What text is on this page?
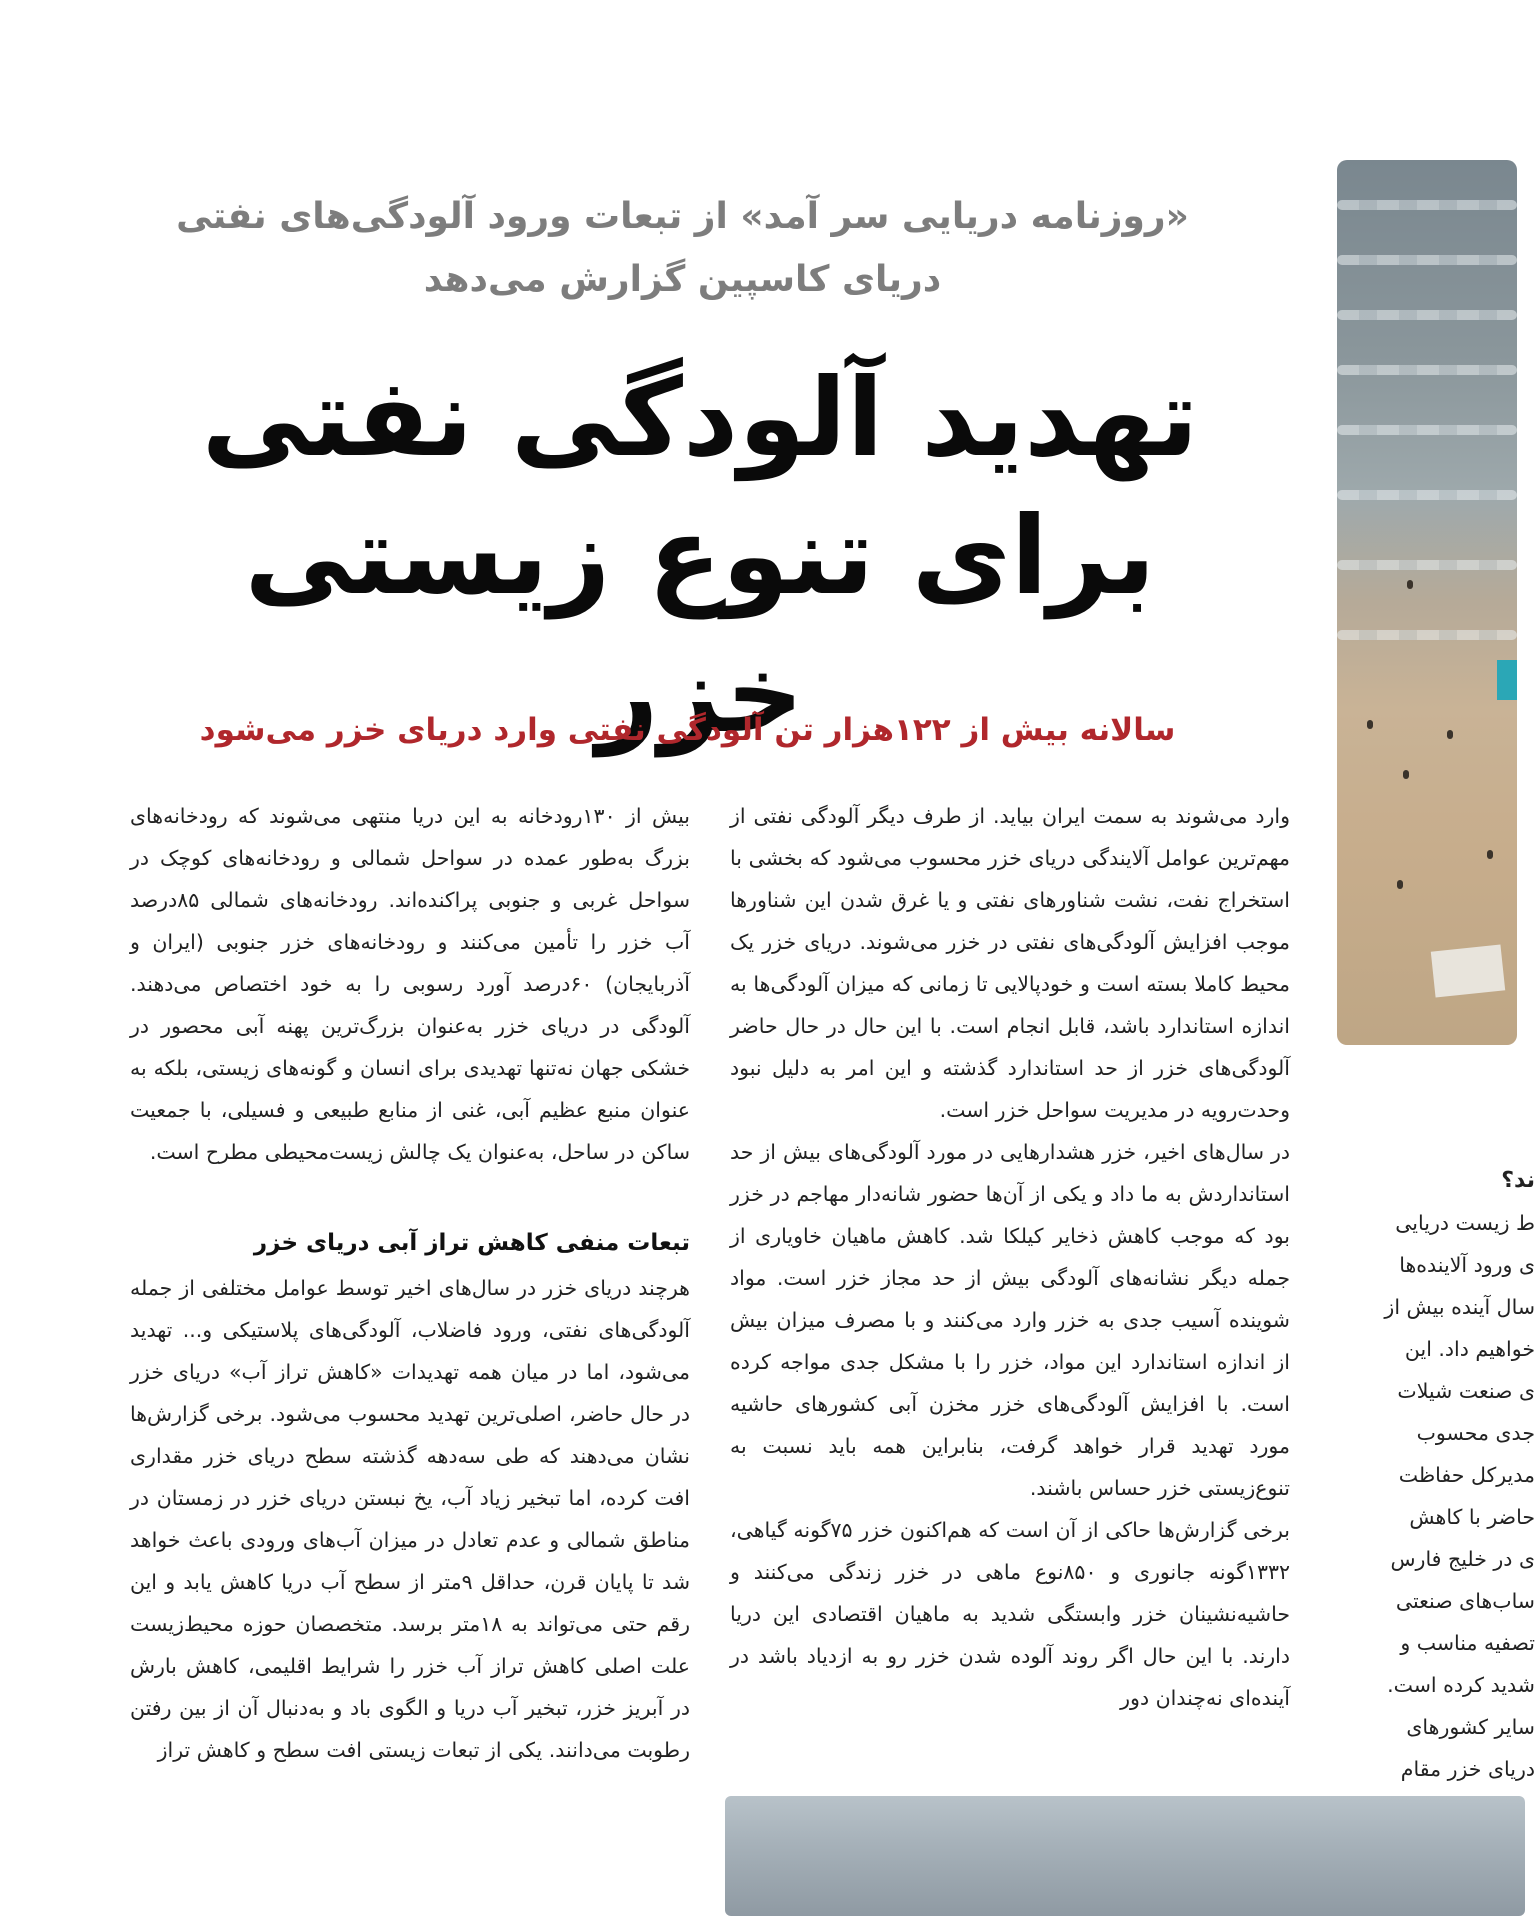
«روزنامه دریایی سر آمد» از تبعات ورود آلودگی‌های نفتی
دریای کاسپین گزارش می‌دهد
تهدید آلودگی نفتی
برای تنوع زیستی خزر
سالانه بیش از ۱۲۲هزار تن آلودگی نفتی وارد دریای خزر می‌شود

وارد می‌شوند به سمت ایران بیاید. از طرف دیگر آلودگی نفتی از مهم‌ترین عوامل آلایندگی دریای خزر محسوب می‌شود که بخشی با استخراج نفت، نشت شناورهای نفتی و یا غرق شدن این شناورها موجب افزایش آلودگی‌های نفتی در خزر می‌شوند. دریای خزر یک محیط کاملا بسته است و خودپالایی تا زمانی که میزان آلودگی‌ها به اندازه استاندارد باشد، قابل انجام است. با این حال در حال حاضر آلودگی‌های خزر از حد استاندارد گذشته و این امر به دلیل نبود وحدت‌رویه در مدیریت سواحل خزر است.

در سال‌های اخیر، خزر هشدارهایی در مورد آلودگی‌های بیش از حد استانداردش به ما داد و یکی از آن‌ها حضور شانه‌دار مهاجم در خزر بود که موجب کاهش ذخایر کیلکا شد. کاهش ماهیان خاویاری از جمله دیگر نشانه‌های آلودگی بیش از حد مجاز خزر است. مواد شوینده آسیب جدی به خزر وارد می‌کنند و با مصرف میزان بیش از اندازه استاندارد این مواد، خزر را با مشکل جدی مواجه کرده است. با افزایش آلودگی‌های خزر مخزن آبی کشورهای حاشیه مورد تهدید قرار خواهد گرفت، بنابراین همه باید نسبت به تنوع‌زیستی خزر حساس باشند.

برخی گزارش‌ها حاکی از آن است که هم‌اکنون خزر ۷۵گونه گیاهی، ۱۳۳۲گونه جانوری و ۸۵۰نوع ماهی در خزر زندگی می‌کنند و حاشیه‌نشینان خزر وابستگی شدید به ماهیان اقتصادی این دریا دارند. با این حال اگر روند آلوده شدن خزر رو به ازدیاد باشد در آینده‌ای نه‌چندان دور

بیش از ۱۳۰رودخانه به این دریا منتهی می‌شوند که رودخانه‌های بزرگ به‌طور عمده در سواحل شمالی و رودخانه‌های کوچک در سواحل غربی و جنوبی پراکنده‌اند. رودخانه‌های شمالی ۸۵درصد آب خزر را تأمین می‌کنند و رودخانه‌های خزر جنوبی (ایران و آذربایجان) ۶۰درصد آورد رسوبی را به خود اختصاص می‌دهند. آلودگی در دریای خزر به‌عنوان بزرگ‌ترین پهنه آبی محصور در خشکی جهان نه‌تنها تهدیدی برای انسان و گونه‌های زیستی، بلکه به عنوان منبع عظیم آبی، غنی از منابع طبیعی و فسیلی، با جمعیت ساکن در ساحل، به‌عنوان یک چالش زیست‌محیطی مطرح است.

تبعات منفی کاهش تراز آبی دریای خزر

هرچند دریای خزر در سال‌های اخیر توسط عوامل مختلفی از جمله آلودگی‌های نفتی، ورود فاضلاب، آلودگی‌های پلاستیکی و... تهدید می‌شود، اما در میان همه تهدیدات «کاهش تراز آب» دریای خزر در حال حاضر، اصلی‌ترین تهدید محسوب می‌شود. برخی گزارش‌ها نشان می‌دهند که طی سه‌دهه گذشته سطح دریای خزر مقداری افت کرده، اما تبخیر زیاد آب، یخ نبستن دریای خزر در زمستان در مناطق شمالی و عدم تعادل در میزان آب‌های ورودی باعث خواهد شد تا پایان قرن، حداقل ۹متر از سطح آب دریا کاهش یابد و این رقم حتی می‌تواند به ۱۸متر برسد. متخصصان حوزه محیط‌زیست علت اصلی کاهش تراز آب خزر را شرایط اقلیمی، کاهش بارش در آبریز خزر، تبخیر آب دریا و الگوی باد و به‌دنبال آن از بین رفتن رطوبت می‌دانند. یکی از تبعات زیستی افت سطح و کاهش تراز

ند؟
ط زیست دریایی
ی ورود آلاینده‌ها
سال آینده بیش از
خواهیم داد. این
ی صنعت شیلات
جدی محسوب
مدیرکل حفاظت
حاضر با کاهش
ی در خلیج فارس
ساب‌های صنعتی
تصفیه مناسب و
شدید کرده است.
سایر کشورهای
دریای خزر مقام
